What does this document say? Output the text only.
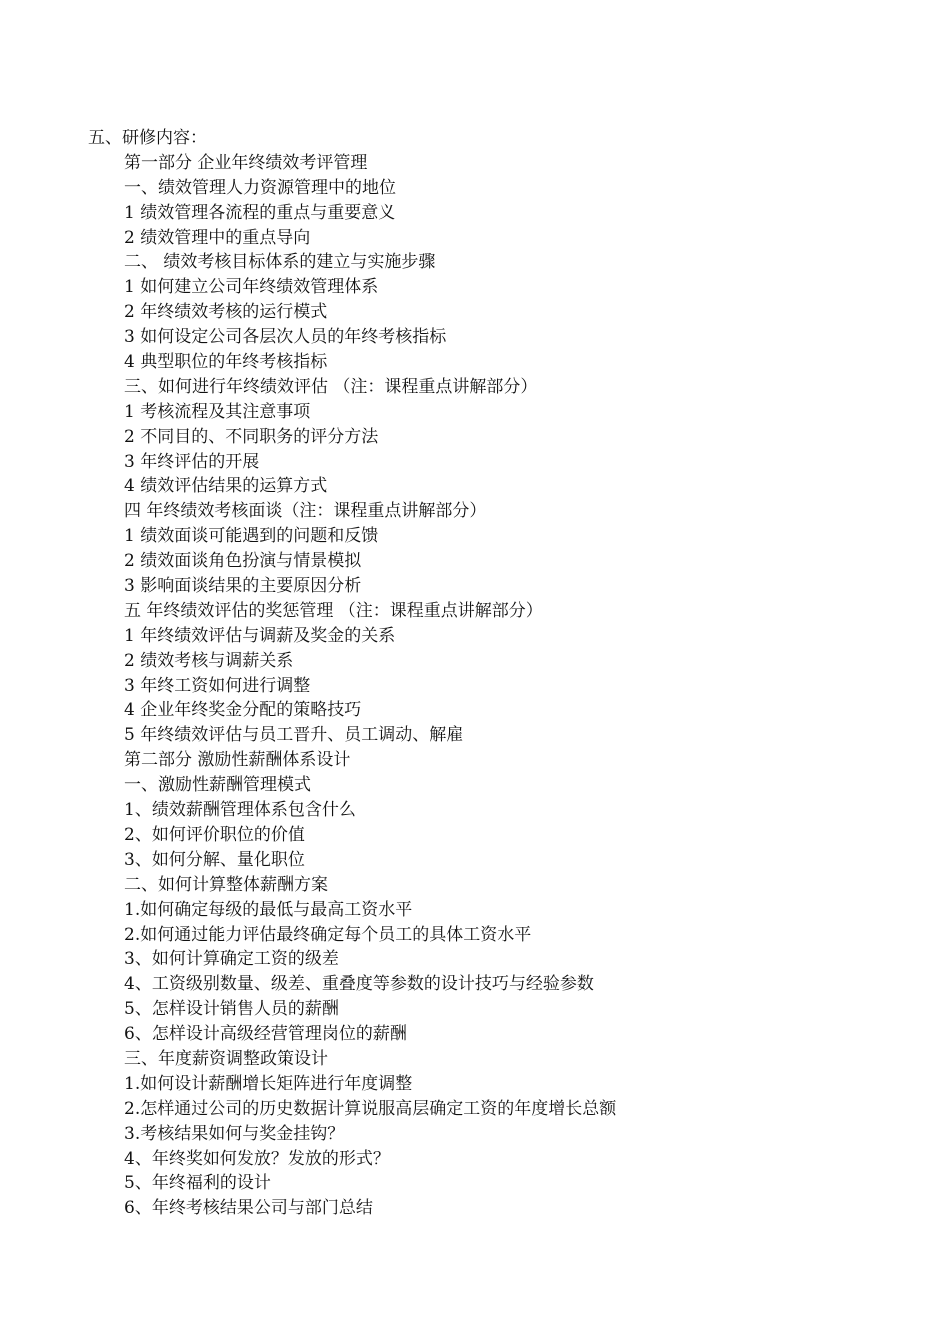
五、研修内容：
第一部分 企业年终绩效考评管理
一、绩效管理人力资源管理中的地位
1 绩效管理各流程的重点与重要意义
2 绩效管理中的重点导向
二、 绩效考核目标体系的建立与实施步骤
1 如何建立公司年终绩效管理体系
2 年终绩效考核的运行模式
3 如何设定公司各层次人员的年终考核指标
4 典型职位的年终考核指标
三、如何进行年终绩效评估 （注：课程重点讲解部分）
1 考核流程及其注意事项
2 不同目的、不同职务的评分方法
3 年终评估的开展
4 绩效评估结果的运算方式
四 年终绩效考核面谈（注：课程重点讲解部分）
1 绩效面谈可能遇到的问题和反馈
2 绩效面谈角色扮演与情景模拟
3 影响面谈结果的主要原因分析
五 年终绩效评估的奖惩管理 （注：课程重点讲解部分）
1 年终绩效评估与调薪及奖金的关系
2 绩效考核与调薪关系
3 年终工资如何进行调整
4 企业年终奖金分配的策略技巧
5 年终绩效评估与员工晋升、员工调动、解雇
第二部分 激励性薪酬体系设计
一、激励性薪酬管理模式
1、绩效薪酬管理体系包含什么
2、如何评价职位的价值
3、如何分解、量化职位
二、如何计算整体薪酬方案
1.如何确定每级的最低与最高工资水平
2.如何通过能力评估最终确定每个员工的具体工资水平
3、如何计算确定工资的级差
4、工资级别数量、级差、重叠度等参数的设计技巧与经验参数
5、怎样设计销售人员的薪酬
6、怎样设计高级经营管理岗位的薪酬
三、年度薪资调整政策设计
1.如何设计薪酬增长矩阵进行年度调整
2.怎样通过公司的历史数据计算说服高层确定工资的年度增长总额
3.考核结果如何与奖金挂钩？
4、年终奖如何发放？发放的形式？
5、年终福利的设计
6、年终考核结果公司与部门总结
